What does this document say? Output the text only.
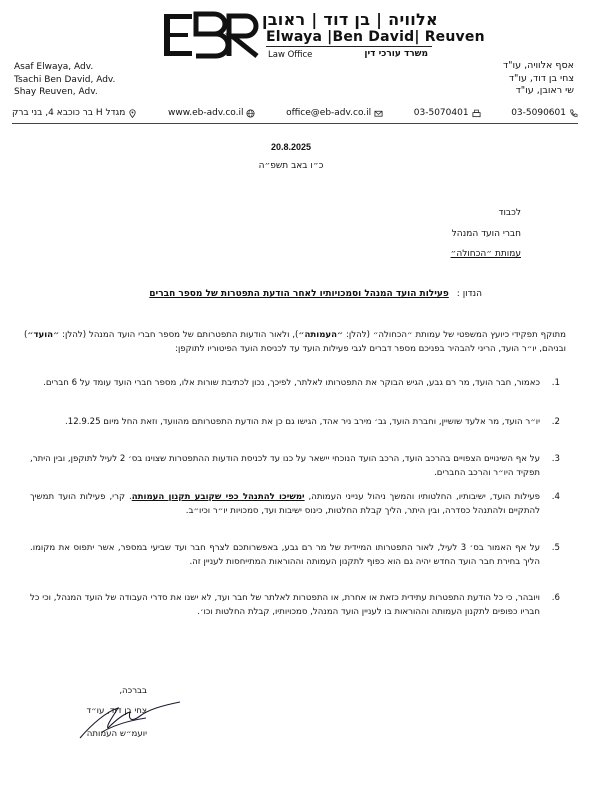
אלוויה | בן דוד | ראובן
Elwaya |Ben David| Reuven
Law Office	משרד עורכי דין
Asaf Elwaya, Adv.
Tsachi Ben David, Adv.
Shay Reuven, Adv.
אסף אלוויה, עו"ד
צחי בן דוד, עו"ד
שי ראובן, עו"ד
מגדל H בר כוכבא 4, בני ברק	www.eb-adv.co.il	office@eb-adv.co.il	03-5070401	03-5090601
20.8.2025
כ״ו באב תשפ״ה
לכבוד
חברי הועד המנהל
עמותת ״הכחולה״
הנדון :פעילות הועד המנהל וסמכויותיו לאחר הודעת התפטרות של מספר חברים
מתוקף תפקידי כיועץ המשפטי של עמותת ״הכחולה״ (להלן: ״העמותה״), ולאור הודעות התפטרותם של מספר חברי הועד המנהל (להלן: ״הועד״) ובניהם, יו״ר הועד, הריני להבהיר בפניכם מספר דברים לגבי פעילות הועד עד לכניסת הועד הפיטוריו לתוקפן:
1.
כאמור, חבר הועד, מר רם גבע, הגיש הבוקר את התפטרותו לאלתר, לפיכך, נכון לכתיבת שורות אלו, מספר חברי הועד עומד על 6 חברים.
2.
יו״ר הועד, מר אלעד שושיין, וחברת הועד, גב׳ מירב ניר אהד, הגישו גם כן את הודעת התפטרותם מהוועד, וזאת החל מיום 12.9.25.
3.
על אף השינויים הצפויים בהרכב הועד, הרכב הועד הנוכחי יישאר על כנו עד לכניסת הודעות ההתפטרות שצוינו בס׳ 2 לעיל לתוקפן, ובין היתר, תפקיד היו״ר והרכב החברים.
4.
פעילות הועד, ישיבותיו, החלטותיו והמשך ניהול ענייני העמותה, ימשיכו להתנהל כפי שקובע תקנון העמותה. קרי, פעילות הועד תמשיך להתקיים ולהתנהל כסדרה, ובין היתר, הליך קבלת החלטות, כינוס ישיבות ועד, סמכויות יו״ר וכיו״ב.
5.
על אף האמור בס׳ 3 לעיל, לאור התפטרותו המיידית של מר רם גבע, באפשרותכם לצרף חבר ועד שביעי במספר, אשר יתפוס את מקומו. הליך בחירת חבר הועד החדש יהיה גם הוא כפוף לתקנון העמותה וההוראות המתייחסות לעניין זה.
6.
ויובהר, כי כל הודעת התפטרות עתידית כזאת או אחרת, או התפטרות לאלתר של חבר ועד, לא ישנו את סדרי העבודה של הועד המנהל, וכי כל חבריו כפופים לתקנון העמותה וההוראות בו לעניין הועד המנהל, סמכויותיו, קבלת החלטות וכו׳.
בברכה,
צחי בן דוד, עו״ד
יועמ״ש העמותה
